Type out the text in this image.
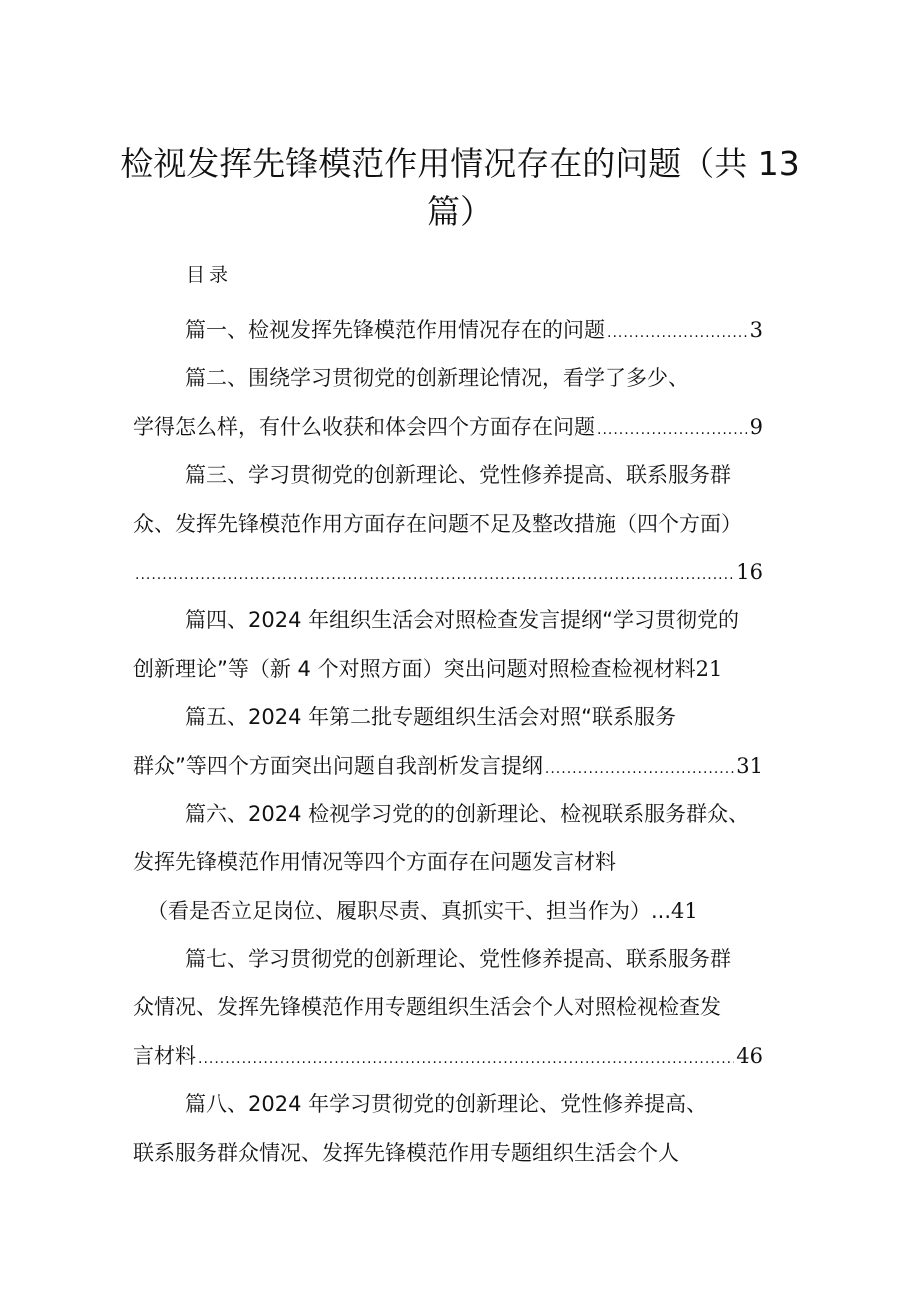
检视发挥先锋模范作用情况存在的问题（共 13
篇）
目录
篇一、检视发挥先锋模范作用情况存在的问题 .....	3
篇二、围绕学习贯彻党的创新理论情况，看学了多少、
学得怎么样，有什么收获和体会四个方面存在问题 .....	9
篇三、学习贯彻党的创新理论、党性修养提高、联系服务群
众、发挥先锋模范作用方面存在问题不足及整改措施（四个方面）
.....
16
篇四、2024 年组织生活会对照检查发言提纲“学习贯彻党的
创新理论”等（新 4 个对照方面）突出问题对照检查检视材料 21
篇五、2024 年第二批专题组织生活会对照“联系服务
群众”等四个方面突出问题自我剖析发言提纲 .....	31
篇六、2024 检视学习党的的创新理论、检视联系服务群众、
发挥先锋模范作用情况等四个方面存在问题发言材料
（看是否立足岗位、履职尽责、真抓实干、担当作为）... 41
篇七、学习贯彻党的创新理论、党性修养提高、联系服务群
众情况、发挥先锋模范作用专题组织生活会个人对照检视检查发
言材料 .....	46
篇八、2024 年学习贯彻党的创新理论、党性修养提高、
联系服务群众情况、发挥先锋模范作用专题组织生活会个人
